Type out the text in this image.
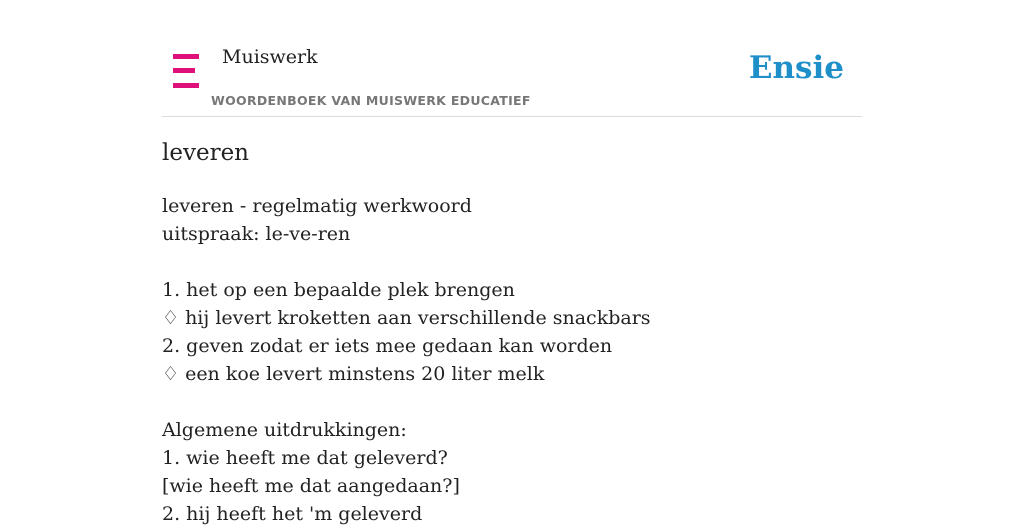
Muiswerk
WOORDENBOEK VAN MUISWERK EDUCATIEF
Ensie
leveren
leveren - regelmatig werkwoord
uitspraak: le-ve-ren
1. het op een bepaalde plek brengen
♢ hij levert kroketten aan verschillende snackbars
2. geven zodat er iets mee gedaan kan worden
♢ een koe levert minstens 20 liter melk
Algemene uitdrukkingen:
1. wie heeft me dat geleverd?
[wie heeft me dat aangedaan?]
2. hij heeft het 'm geleverd
